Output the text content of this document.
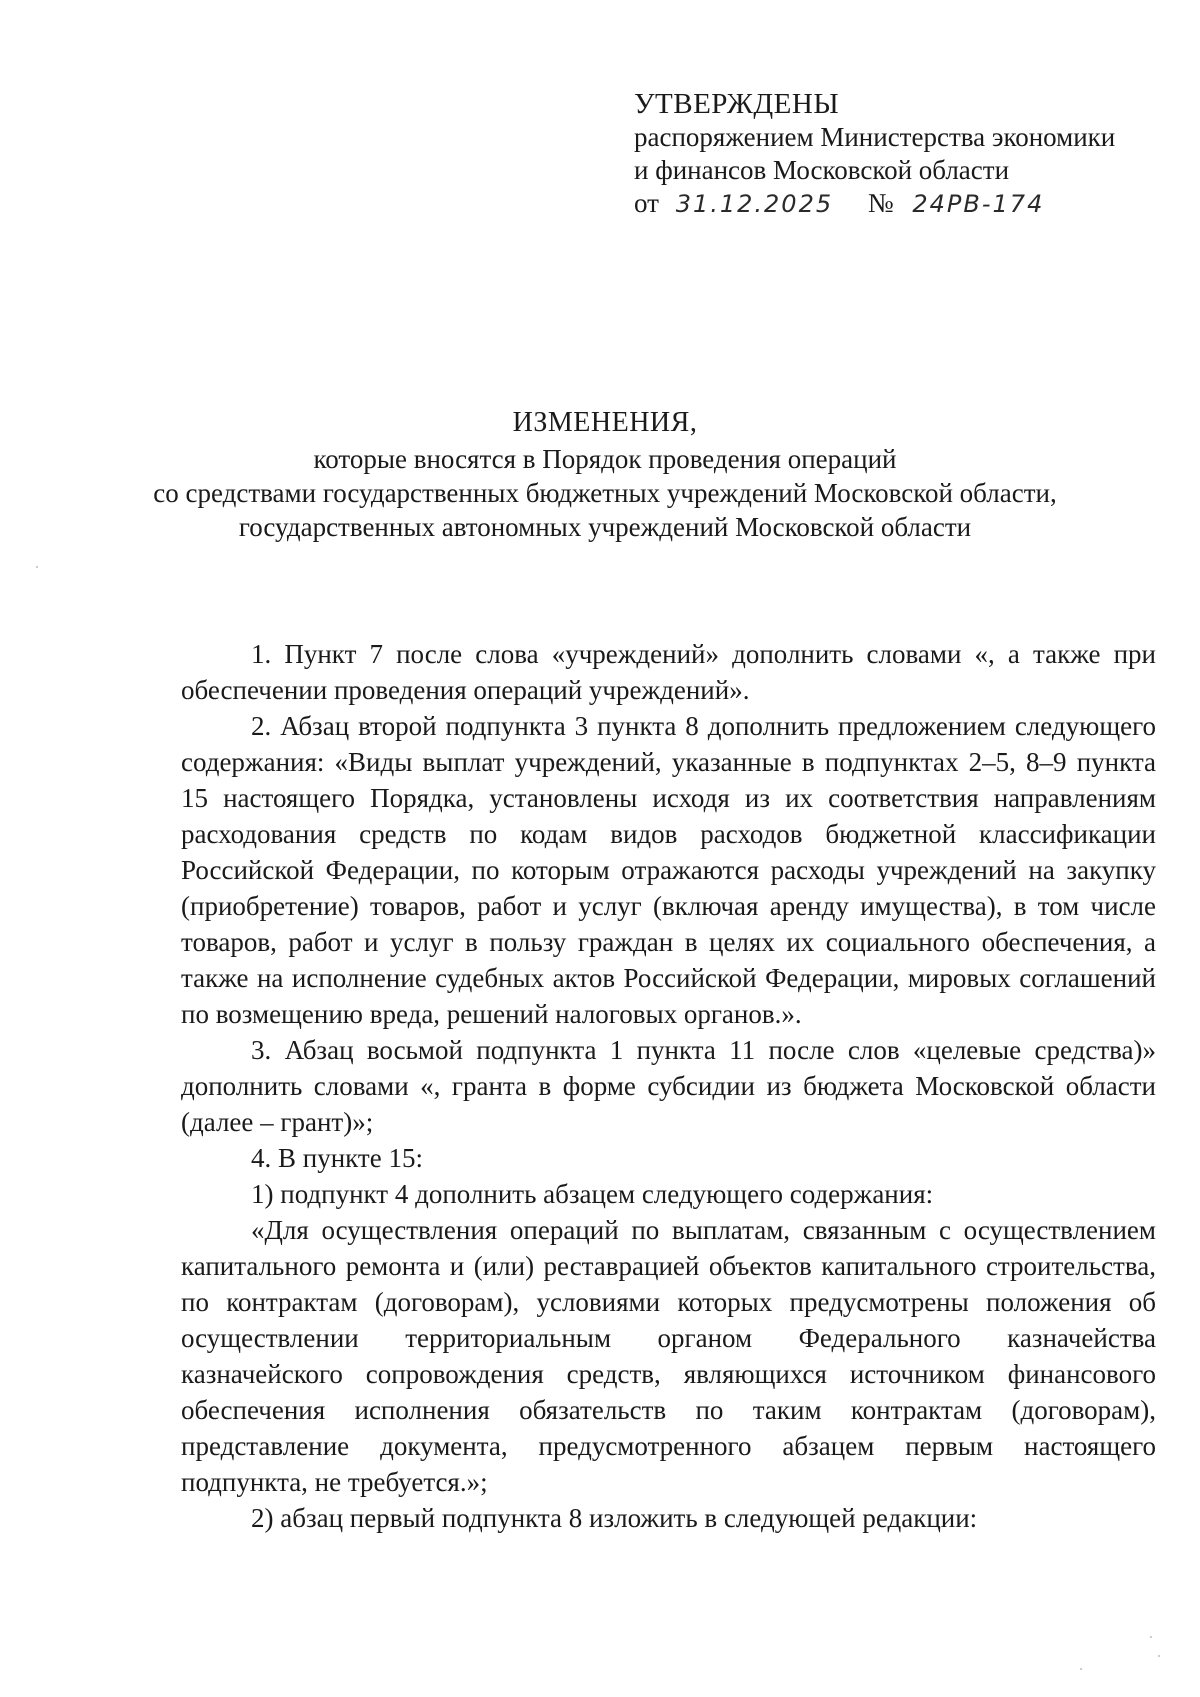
УТВЕРЖДЕНЫ
распоряжением Министерства экономики
и финансов Московской области
от 31.12.2025 № 24РВ-174
ИЗМЕНЕНИЯ,
которые вносятся в Порядок проведения операций
со средствами государственных бюджетных учреждений Московской области,
государственных автономных учреждений Московской области

1. Пункт 7 после слова «учреждений» дополнить словами «, а также при обеспечении проведения операций учреждений».

2. Абзац второй подпункта 3 пункта 8 дополнить предложением следующего содержания: «Виды выплат учреждений, указанные в подпунктах 2–5, 8–9 пункта 15 настоящего Порядка, установлены исходя из их соответствия направлениям расходования средств по кодам видов расходов бюджетной классификации Российской Федерации, по которым отражаются расходы учреждений на закупку (приобретение) товаров, работ и услуг (включая аренду имущества), в том числе товаров, работ и услуг в пользу граждан в целях их социального обеспечения, а также на исполнение судебных актов Российской Федерации, мировых соглашений по возмещению вреда, решений налоговых органов.».

3. Абзац восьмой подпункта 1 пункта 11 после слов «целевые средства)» дополнить словами «, гранта в форме субсидии из бюджета Московской области (далее – грант)»;

4. В пункте 15:

1) подпункт 4 дополнить абзацем следующего содержания:

«Для осуществления операций по выплатам, связанным с осуществлением капитального ремонта и (или) реставрацией объектов капитального строительства, по контрактам (договорам), условиями которых предусмотрены положения об осуществлении территориальным органом Федерального казначейства казначейского сопровождения средств, являющихся источником финансового обеспечения исполнения обязательств по таким контрактам (договорам), представление документа, предусмотренного абзацем первым настоящего подпункта, не требуется.»;

2) абзац первый подпункта 8 изложить в следующей редакции:
